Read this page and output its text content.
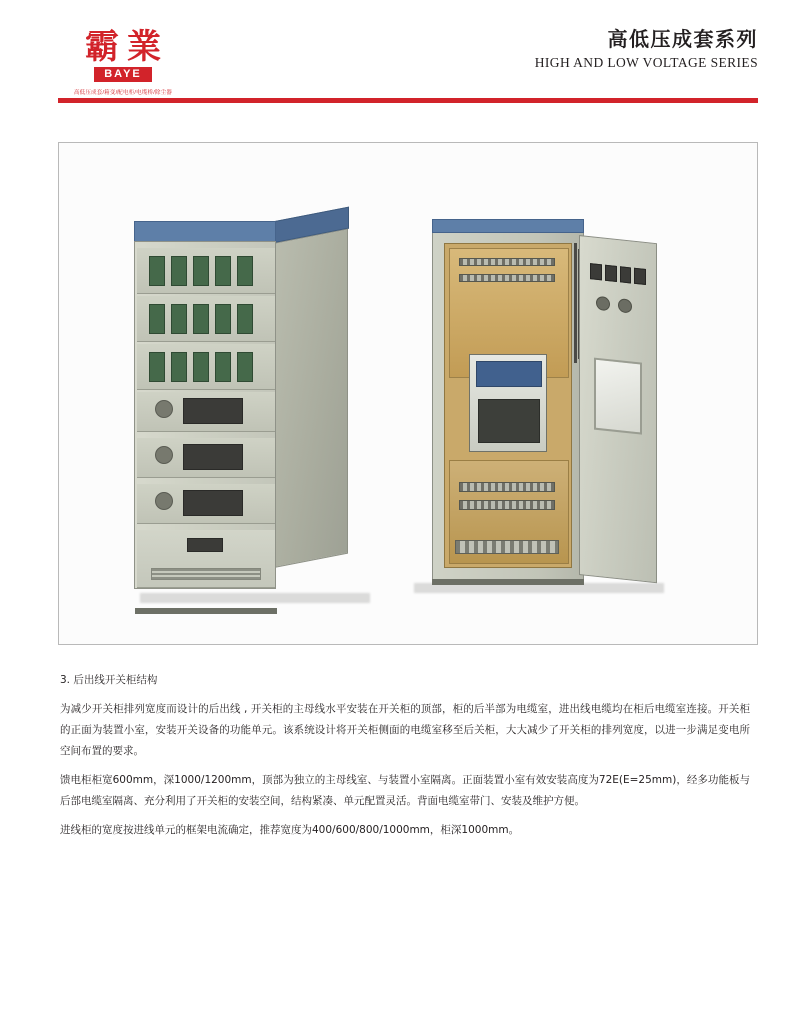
霸 業
BAYE
高低压成套/箱变/配电柜/电缆桥/除尘器
高低压成套系列
HIGH AND LOW VOLTAGE SERIES
3. 后出线开关柜结构

为减少开关柜排列宽度而设计的后出线 , 开关柜的主母线水平安装在开关柜的顶部，柜的后半部为电缆室，进出线电缆均在柜后电缆室连接。开关柜的正面为装置小室，安装开关设备的功能单元。该系统设计将开关柜侧面的电缆室移至后关柜，大大减少了开关柜的排列宽度，以进一步满足变电所空间布置的要求。

馈电柜柜宽600mm，深1000/1200mm，顶部为独立的主母线室、与装置小室隔离。正面装置小室有效安装高度为72E(E=25mm)，经多功能板与后部电缆室隔离、充分利用了开关柜的安装空间，结构紧凑、单元配置灵活。背面电缆室带门、安装及维护方便。

进线柜的宽度按进线单元的框架电流确定，推荐宽度为400/600/800/1000mm，柜深1000mm。
